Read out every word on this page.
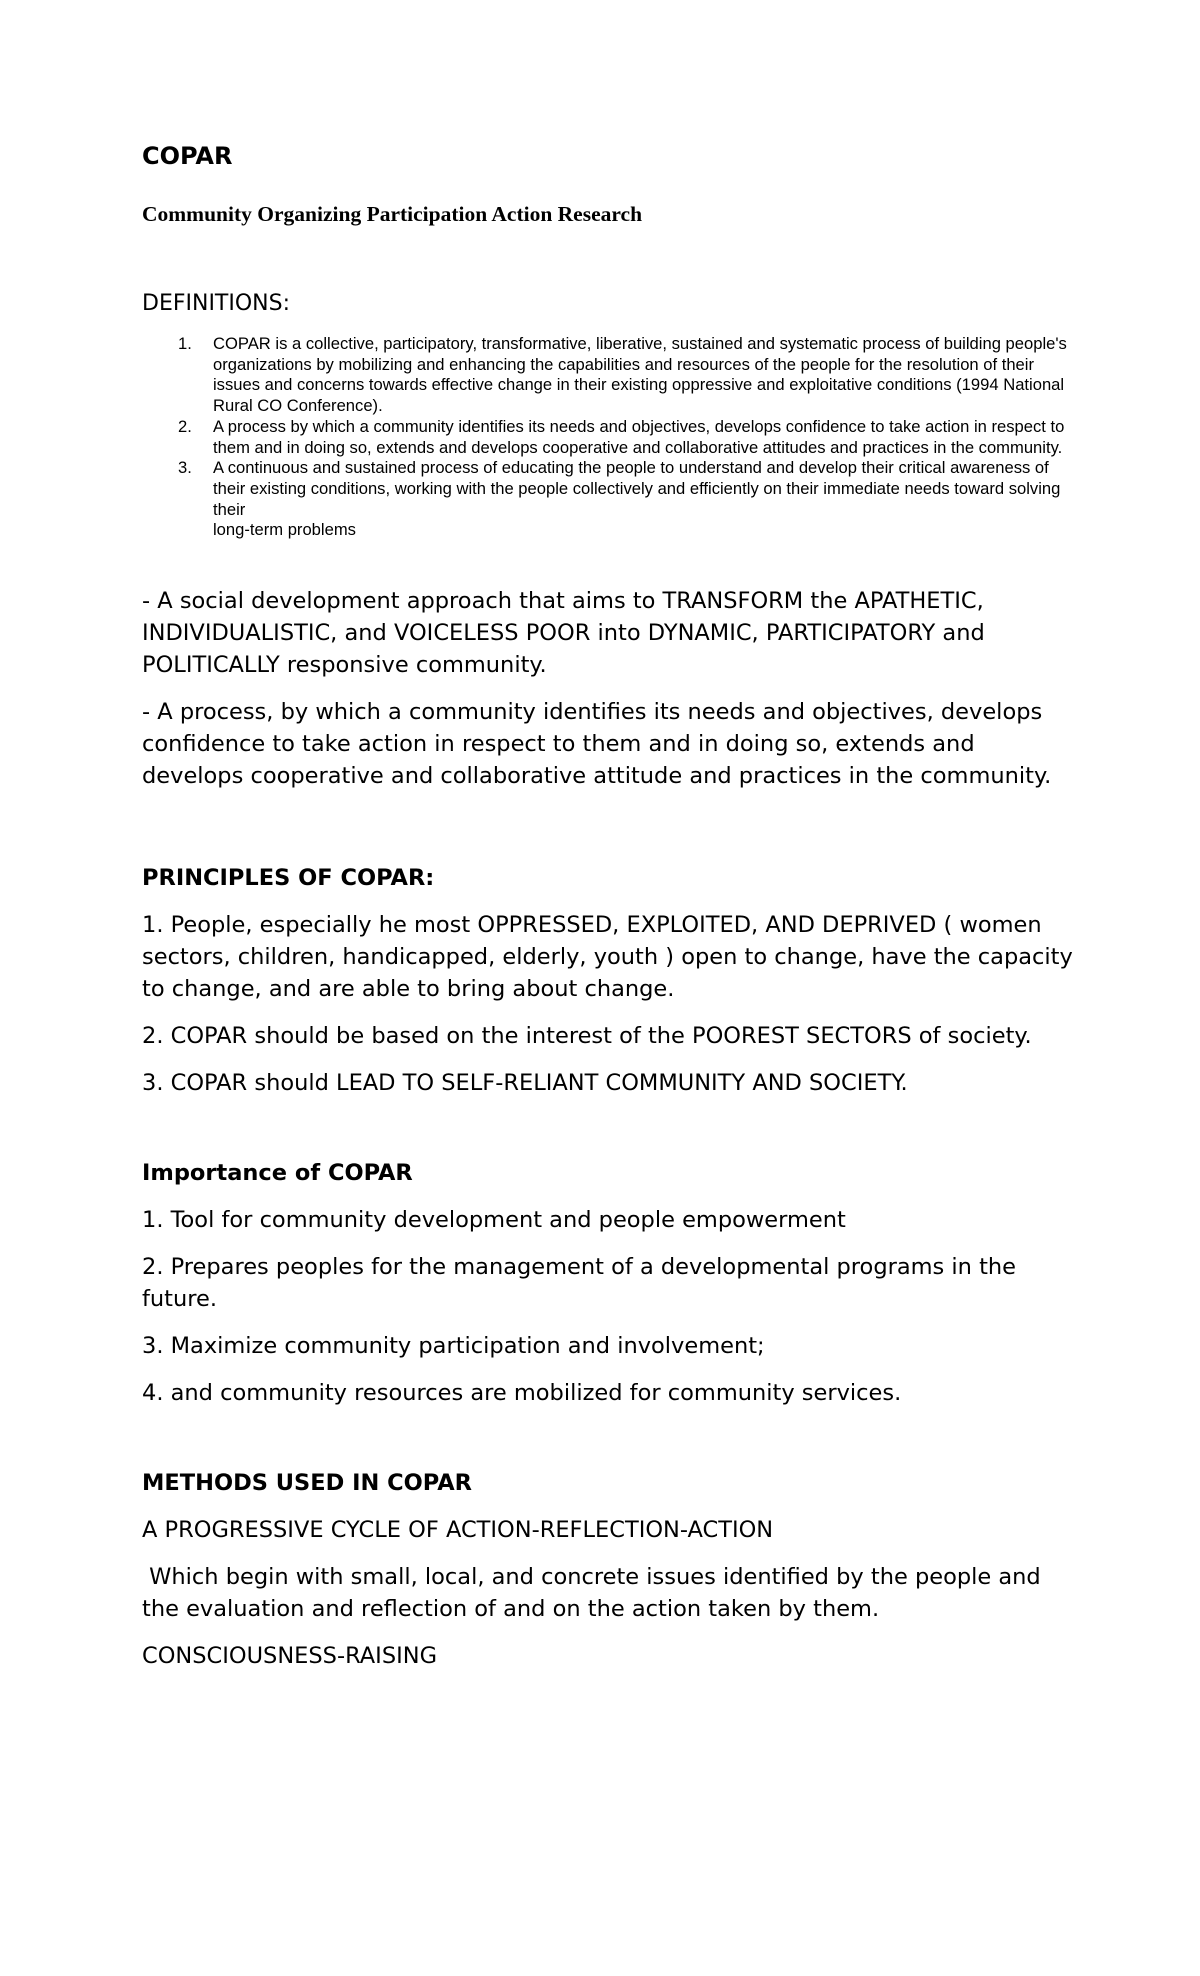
COPAR
Community Organizing Participation Action Research
DEFINITIONS:
1. COPAR is a collective, participatory, transformative, liberative, sustained and systematic process of building people's organizations by mobilizing and enhancing the capabilities and resources of the people for the resolution of their issues and concerns towards effective change in their existing oppressive and exploitative conditions (1994 National Rural CO Conference).
2. A process by which a community identifies its needs and objectives, develops confidence to take action in respect to them and in doing so, extends and develops cooperative and collaborative attitudes and practices in the community.
3. A continuous and sustained process of educating the people to understand and develop their critical awareness of their existing conditions, working with the people collectively and efficiently on their immediate needs toward solving their
long-term problems

- A social development approach that aims to TRANSFORM the APATHETIC, INDIVIDUALISTIC, and VOICELESS POOR into DYNAMIC, PARTICIPATORY and POLITICALLY responsive community.

- A process, by which a community identifies its needs and objectives, develops confidence to take action in respect to them and in doing so, extends and develops cooperative and collaborative attitude and practices in the community.

PRINCIPLES OF COPAR:

1. People, especially he most OPPRESSED, EXPLOITED, AND DEPRIVED ( women sectors, children, handicapped, elderly, youth ) open to change, have the capacity to change, and are able to bring about change.

2. COPAR should be based on the interest of the POOREST SECTORS of society.

3. COPAR should LEAD TO SELF-RELIANT COMMUNITY AND SOCIETY.

Importance of COPAR

1. Tool for community development and people empowerment

2. Prepares peoples for the management of a developmental programs in the future.

3. Maximize community participation and involvement;

4. and community resources are mobilized for community services.

METHODS USED IN COPAR

A PROGRESSIVE CYCLE OF ACTION-REFLECTION-ACTION

Which begin with small, local, and concrete issues identified by the people and the evaluation and reflection of and on the action taken by them.

CONSCIOUSNESS-RAISING
